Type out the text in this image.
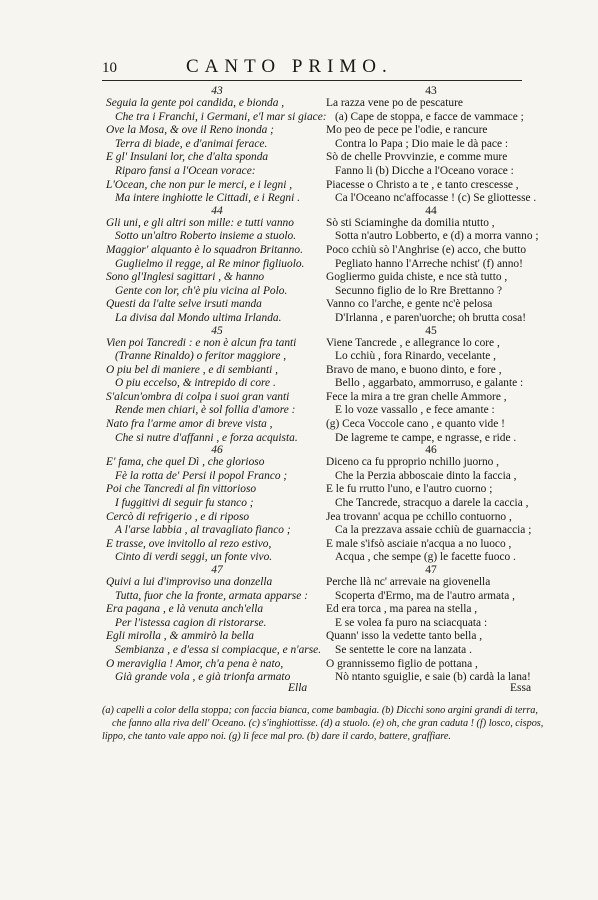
10	CANTO PRIMO.
43
Seguia la gente poi candida, e bionda ,
Che tra i Franchi, i Germani, e'l mar si giace:
Ove la Mosa, & ove il Reno inonda ;
Terra di biade, e d'animai ferace.
E gl' Insulani lor, che d'alta sponda
Riparo fansi a l'Ocean vorace:
L'Ocean, che non pur le merci, e i legni ,
Ma intere inghiotte le Cittadi, e i Regni .
44
Gli uni, e gli altri son mille: e tutti vanno
Sotto un'altro Roberto insieme a stuolo.
Maggior' alquanto è lo squadron Britanno.
Guglielmo il regge, al Re minor figliuolo.
Sono gl'Inglesi sagittari , & hanno
Gente con lor, ch'è piu vicina al Polo.
Questi da l'alte selve irsuti manda
La divisa dal Mondo ultima Irlanda.
45
Vien poi Tancredi : e non è alcun fra tanti
(Tranne Rinaldo) o feritor maggiore ,
O piu bel di maniere , e di sembianti ,
O piu eccelso, & intrepido di core .
S'alcun'ombra di colpa i suoi gran vanti
Rende men chiari, è sol follia d'amore :
Nato fra l'arme amor di breve vista ,
Che si nutre d'affanni , e forza acquista.
46
E' fama, che quel Dì , che glorioso
Fè la rotta de' Persi il popol Franco ;
Poi che Tancredi al fin vittorioso
I fuggitivi di seguir fu stanco ;
Cercò di refrigerio , e di riposo
A l'arse labbia , al travagliato fianco ;
E trasse, ove invitollo al rezo estivo,
Cinto di verdi seggi, un fonte vivo.
47
Quivi a lui d'improviso una donzella
Tutta, fuor che la fronte, armata apparse :
Era pagana , e là venuta anch'ella
Per l'istessa cagion di ristorarse.
Egli mirolla , & ammirò la bella
Sembianza , e d'essa si compiacque, e n'arse.
O meraviglia ! Amor, ch'a pena è nato,
Già grande vola , e già trionfa armato
43
La razza vene po de pescature
(a) Cape de stoppa, e facce de vammace ;
Mo peo de pece pe l'odie, e rancure
Contra lo Papa ; Dio maie le dà pace :
Sò de chelle Provvinzie, e comme mure
Fanno li (b) Dicche a l'Oceano vorace :
Piacesse o Christo a te , e tanto crescesse ,
Ca l'Oceano nc'affocasse ! (c) Se gliottesse .
44
Sò sti Sciaminghe da domilia ntutto ,
Sotta n'autro Lobberto, e (d) a morra vanno ;
Poco cchiù sò l'Anghrise (e) acco, che butto
Pegliato hanno l'Arreche nchist' (f) anno!
Gogliermo guida chiste, e nce stà tutto ,
Secunno figlio de lo Rre Brettanno ?
Vanno co l'arche, e gente nc'è pelosa
D'Irlanna , e paren'uorche; oh brutta cosa!
45
Viene Tancrede , e allegrance lo core ,
Lo cchiù , fora Rinardo, vecelante ,
Bravo de mano, e buono dinto, e fore ,
Bello , aggarbato, ammorruso, e galante :
Fece la mira a tre gran chelle Ammore ,
E lo voze vassallo , e fece amante :
(g) Ceca Voccole cano , e quanto vide !
De lagreme te campe, e ngrasse, e ride .
46
Diceno ca fu pproprio nchillo juorno ,
Che la Perzia abboscaie dinto la faccia ,
E le fu rrutto l'uno, e l'autro cuorno ;
Che Tancrede, stracquo a darele la caccia ,
Jea trovann' acqua pe cchillo contuorno ,
Ca la prezzava assaie cchiù de guarnaccia ;
E male s'ifsò asciaie n'acqua a no luoco ,
Acqua , che sempe (g) le facette fuoco .
47
Perche llà nc' arrevaie na giovenella
Scoperta d'Ermo, ma de l'autro armata ,
Ed era torca , ma parea na stella ,
E se volea fa puro na sciacquata :
Quann' isso la vedette tanto bella ,
Se sentette le core na lanzata .
O grannissemo figlio de pottana ,
Nò ntanto sguiglie, e saie (b) cardà la lana!
Ella	Essa
(a) capelli a color della stoppa; con faccia bianca, come bambagia. (b) Dicchi sono argini grandi di terra,
che fanno alla riva dell' Oceano. (c) s'inghiottisse. (d) a stuolo. (e) oh, che gran caduta ! (f) losco, cispos,
lippo, che tanto vale appo noi. (g) li fece mal pro. (b) dare il cardo, battere, graffiare.
